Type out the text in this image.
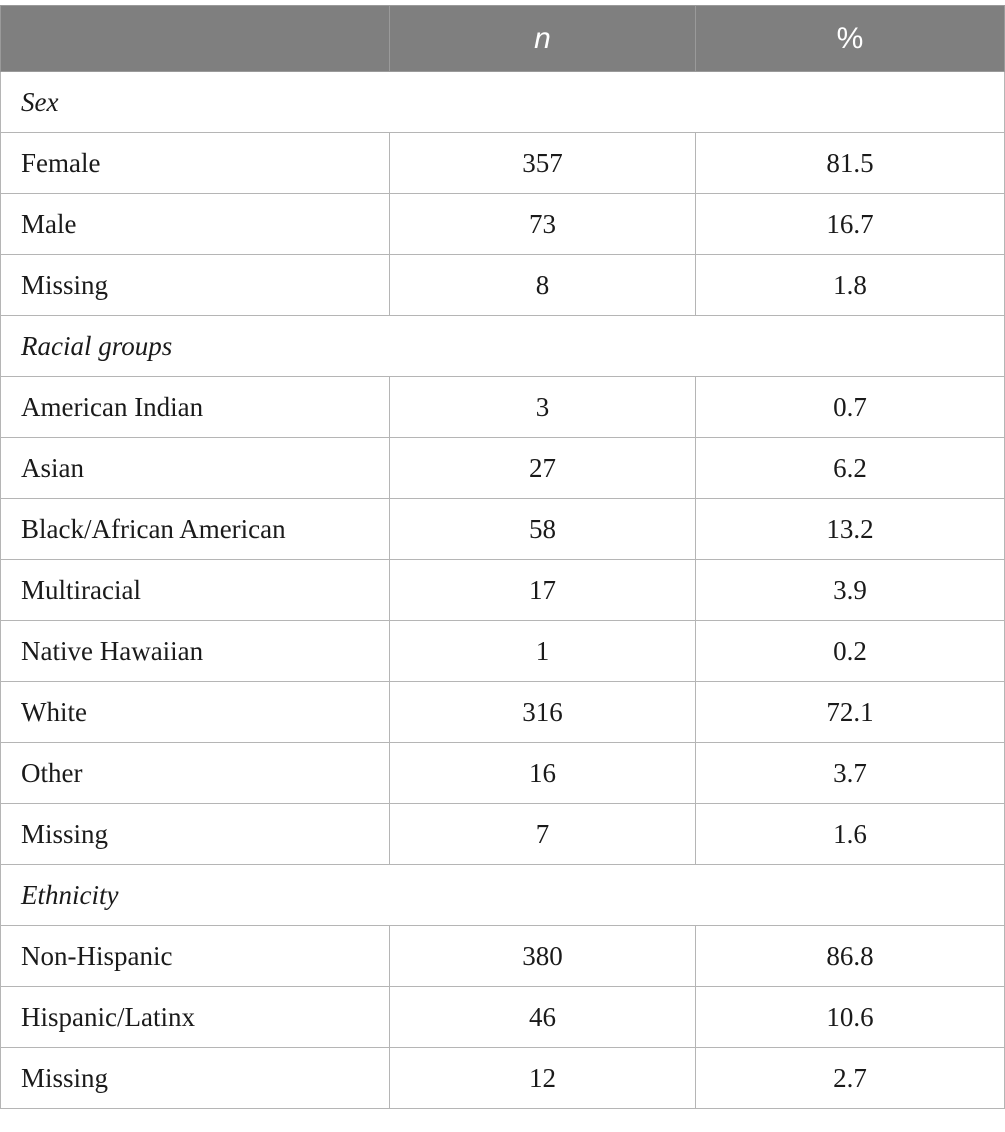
	n	%
Sex		
Female	357	81.5
Male	73	16.7
Missing	8	1.8
Racial groups		
American Indian	3	0.7
Asian	27	6.2
Black/African American	58	13.2
Multiracial	17	3.9
Native Hawaiian	1	0.2
White	316	72.1
Other	16	3.7
Missing	7	1.6
Ethnicity		
Non-Hispanic	380	86.8
Hispanic/Latinx	46	10.6
Missing	12	2.7
